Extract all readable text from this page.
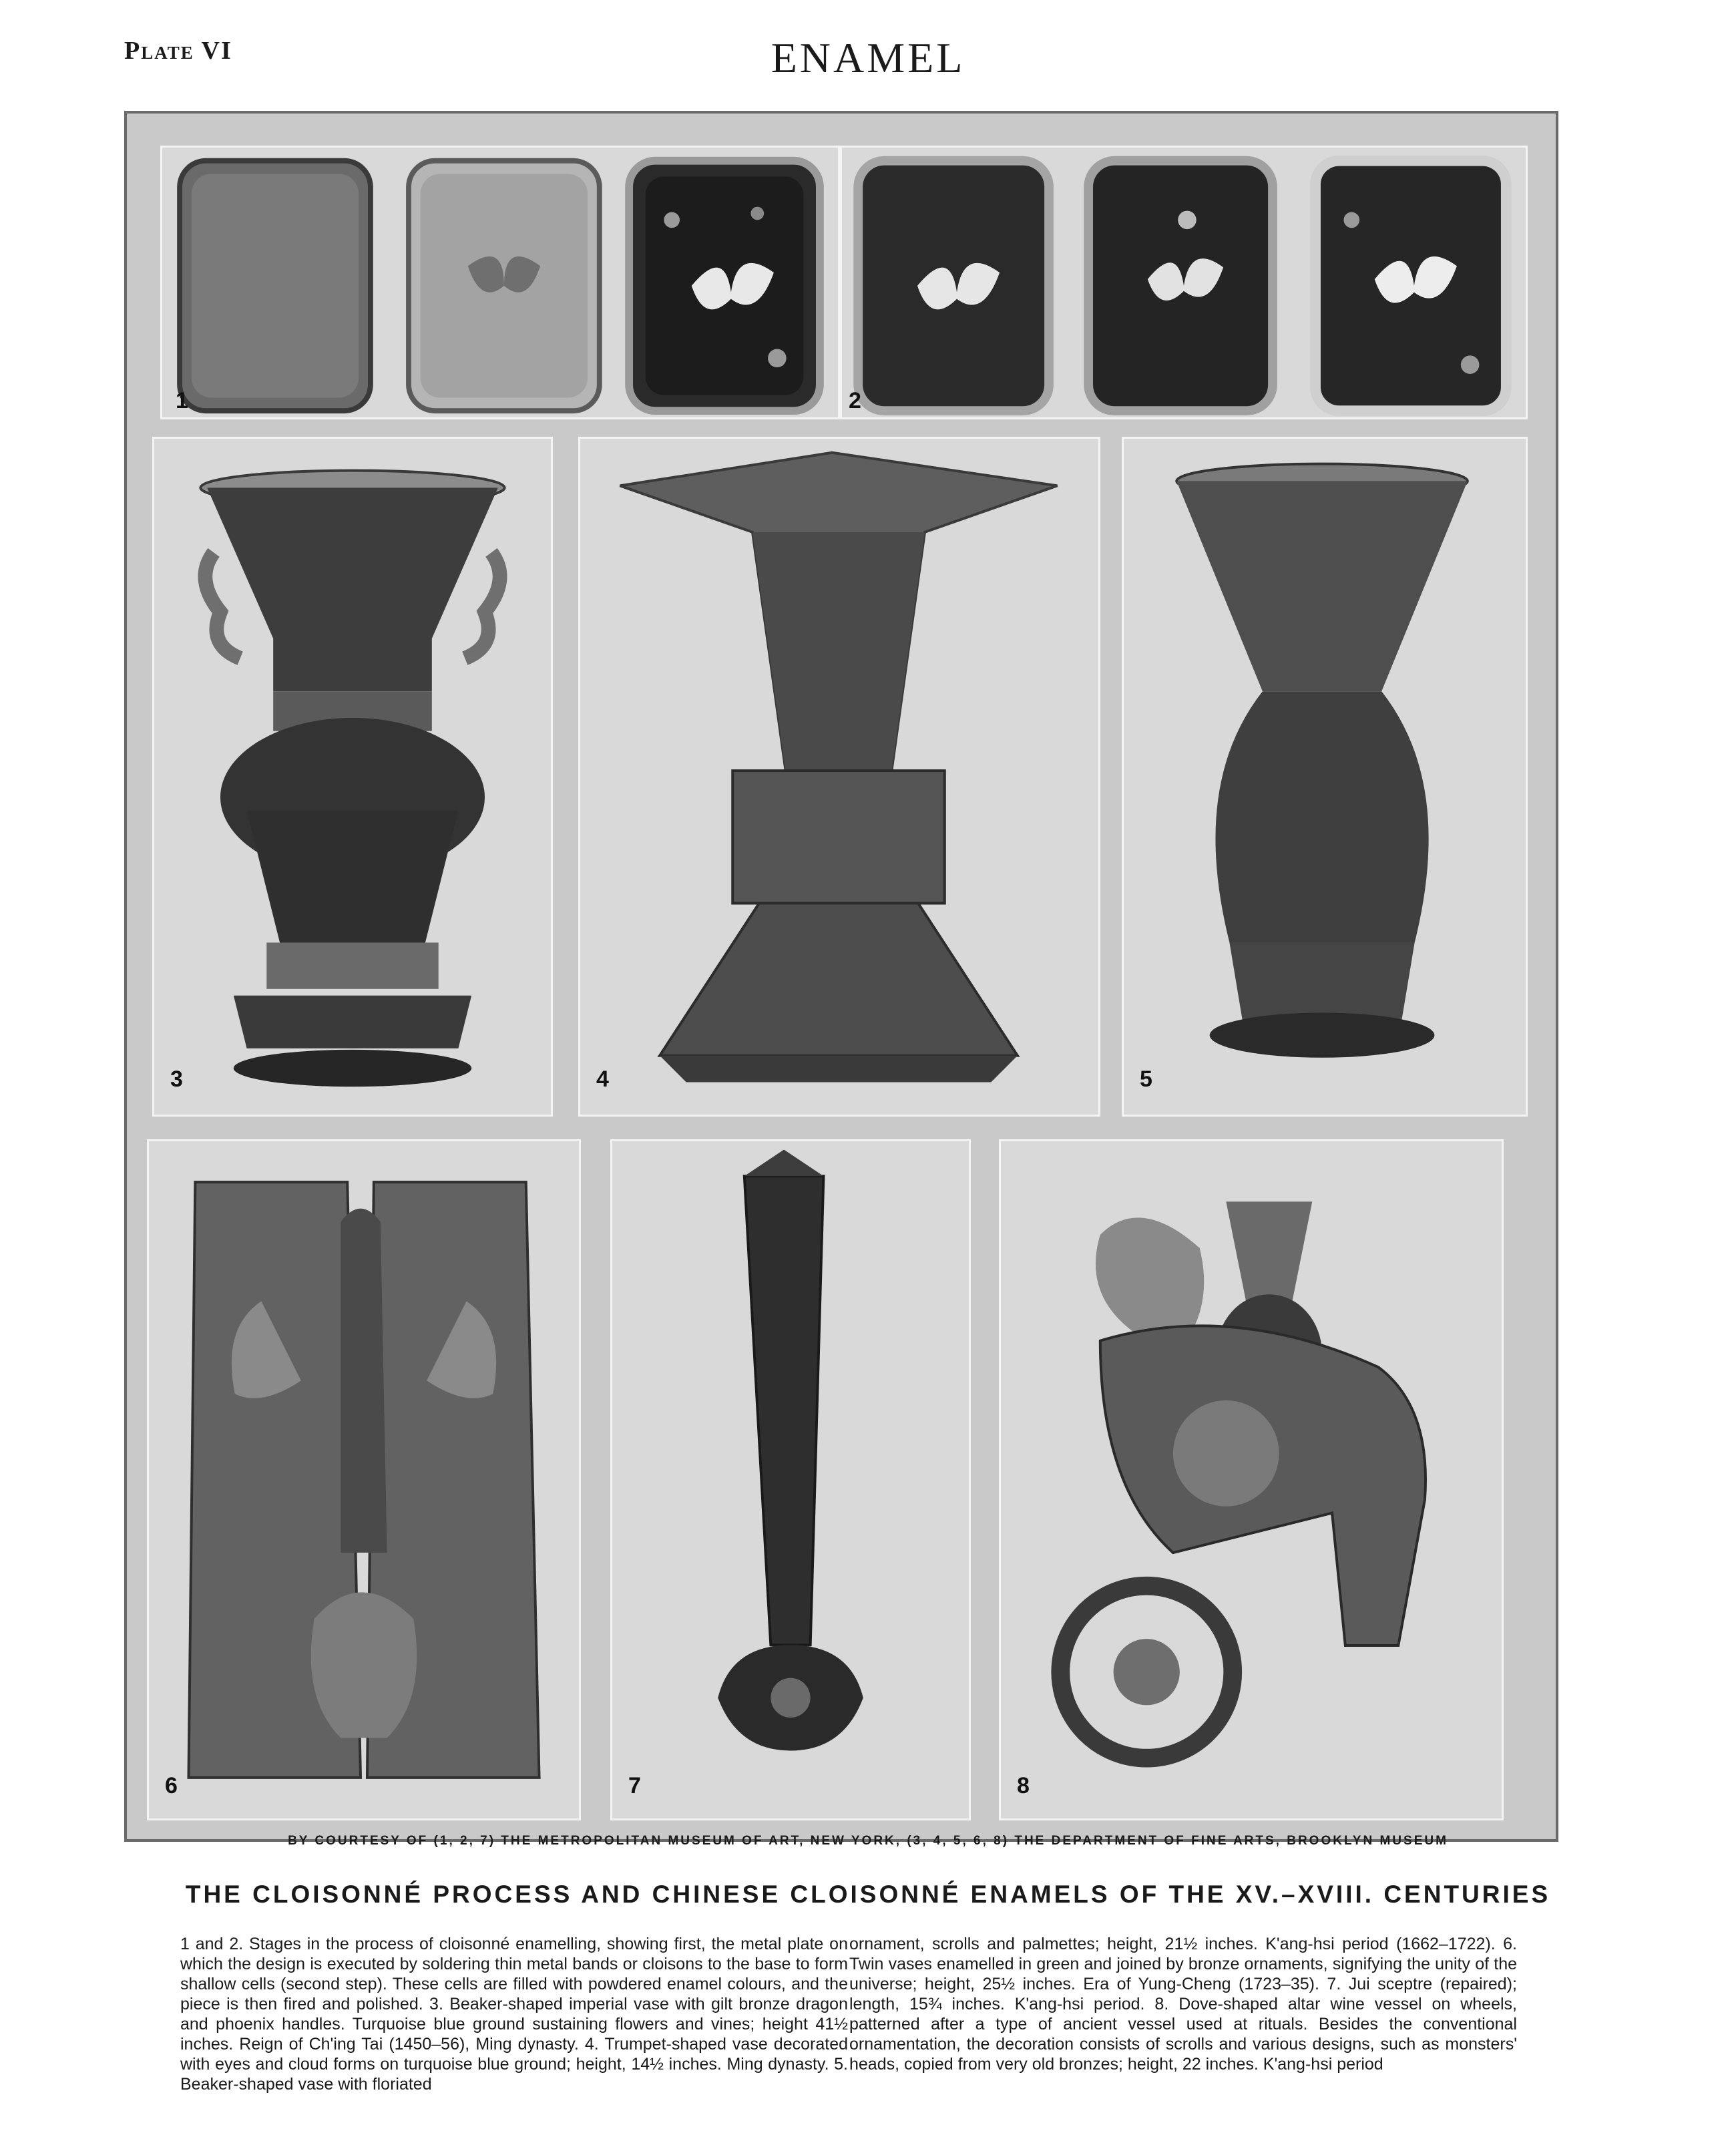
Plate VI	ENAMEL
1	2
3	4	5
6	7	8
BY COURTESY OF (1, 2, 7) THE METROPOLITAN MUSEUM OF ART, NEW YORK, (3, 4, 5, 6, 8) THE DEPARTMENT OF FINE ARTS, BROOKLYN MUSEUM
THE CLOISONNÉ PROCESS AND CHINESE CLOISONNÉ ENAMELS OF THE XV.–XVIII. CENTURIES
1 and 2. Stages in the process of cloisonné enamelling, showing first, the metal plate on which the design is executed by soldering thin metal bands or cloisons to the base to form shallow cells (second step). These cells are filled with powdered enamel colours, and the piece is then fired and polished. 3. Beaker-shaped imperial vase with gilt bronze dragon and phoenix handles. Turquoise blue ground sustaining flowers and vines; height 41½ inches. Reign of Ch'ing Tai (1450–56), Ming dynasty. 4. Trumpet-shaped vase decorated with eyes and cloud forms on turquoise blue ground; height, 14½ inches. Ming dynasty. 5. Beaker-shaped vase with floriated
ornament, scrolls and palmettes; height, 21½ inches. K'ang-hsi period (1662–1722). 6. Twin vases enamelled in green and joined by bronze ornaments, signifying the unity of the universe; height, 25½ inches. Era of Yung-Cheng (1723–35). 7. Jui sceptre (repaired); length, 15¾ inches. K'ang-hsi period. 8. Dove-shaped altar wine vessel on wheels, patterned after a type of ancient vessel used at rituals. Besides the conventional ornamentation, the decoration consists of scrolls and various designs, such as monsters' heads, copied from very old bronzes; height, 22 inches. K'ang-hsi period
